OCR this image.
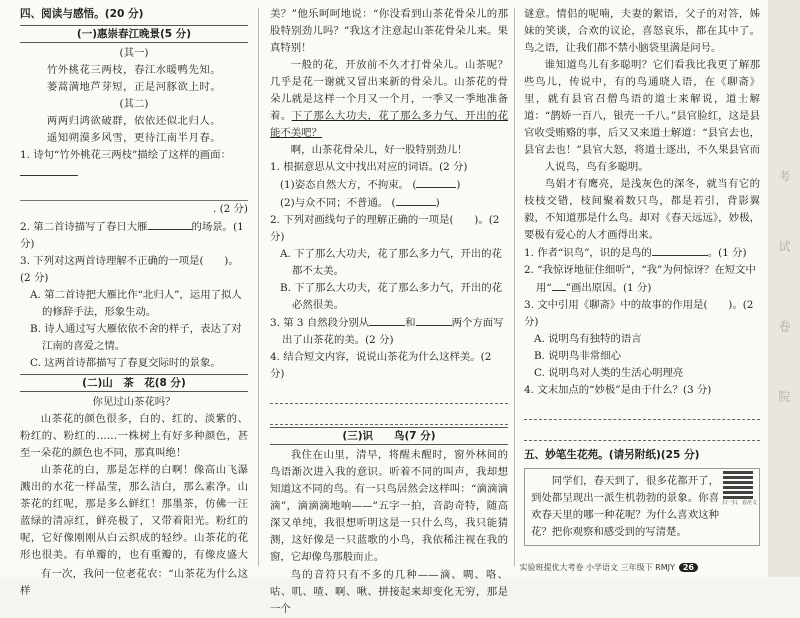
四、阅读与感悟。(20 分)
(一)惠崇春江晚景(5 分)
(其一)
竹外桃花三两枝，春江水暖鸭先知。
蒌蒿满地芦芽短，正是河豚欲上时。
(其二)
两两归鸿欲破群，依依还似北归人。
遥知朔漠多风雪，更待江南半月春。
1. 诗句“竹外桃花三两枝”描绘了这样的画面：
. (2 分)
2. 第二首诗描写了春日大雁	的场景。(1 分)
3. 下列对这两首诗理解不正确的一项是(　　)。(2 分)
A. 第二首诗把大雁比作“北归人”，运用了拟人的修辞手法，形象生动。
B. 诗人通过写大雁依依不舍的样子，表达了对江南的喜爱之情。
C. 这两首诗都描写了春夏交际时的景象。
(二)山　茶　花(8 分)
你见过山茶花吗？
山茶花的颜色很多，白的、红的、淡紫的、粉红的、粉红的……一株树上有好多种颜色，甚至一朵花的颜色也不同，那真叫绝！
山茶花的白，那是怎样的白啊！像高山飞瀑溅出的水花一样晶莹，那么洁白，那么素净。山茶花的红呢，那是多么鲜红！那墨茶，仿佛一汪蓝绿的清凉红，鲜亮极了，又带着阳光。粉红的呢，它好像刚刚从白云织成的轻纱。山茶花的花形也很美。有单瓣的，也有重瓣的，有像皮盛大
有一次，我问一位老花农：“山茶花为什么这样
美？”他乐呵呵地说：“你没看到山茶花骨朵儿的那股特别劲儿吗？”我这才注意起山茶花骨朵儿来。果真特别！
一般的花，开放前不久才打骨朵儿。山茶呢？几乎是花一谢就又冒出来新的骨朵儿。山茶花的骨朵儿就是这样一个月又一个月，一季又一季地准备着。下了那么大功夫，花了那么多力气，开出的花能不美吧？
啊，山茶花骨朵儿，好一股特别劲儿！
1. 根据意思从文中找出对应的词语。(2 分)
(1)姿态自然大方，不拘束。 (	)
(2)与众不同；不普通。 (	)
2. 下列对画线句子的理解正确的一项是(　　)。(2 分)
A. 下了那么大功夫，花了那么多力气，开出的花都不太美。
B. 下了那么大功夫，花了那么多力气，开出的花必然很美。
3. 第 3 自然段分别从	和	两个方面写出了山茶花的美。(2 分)
4. 结合短文内容，说说山茶花为什么这样美。(2 分)
(三)识　　鸟(7 分)
我住在山里，清早，将醒未醒时，窗外林间的鸟语渐次进入我的意识。听着不同的叫声，我却想知道这不同的鸟。有一只鸟居然会这样叫：“滴滴滴滴”，滴滴滴地响——”五字一拍，音韵奇特，随高深又单纯，我很想听明这是一只什么鸟，我只能猜测，这好像是一只蓝歌的小鸟，我依稀注视在我的窗，它却像鸟那般而止。
鸟的音符只有不多的几种——滴、啁、咯、咕、叽、喳、啊、啾、拼接起来却变化无穷，那是一个
谜意。情侣的呢喃，夫妻的絮语，父子的对答，姊妹的笑谈，合欢的议论，喜怒哀乐，都在其中了。鸟之语，让我们都不禁小脑袋里满是问号。
谁知道鸟儿有多聪明？它们看我比我更了解那些鸟儿，传说中，有的鸟通晓人语，在《聊斋》里，就有县官召僧鸟语的道士来解说，道士解道：“鹊娇一百八，银壳一千八。”县官脸红，这是县官收受贿赂的事，后又又来道士解道：“县官去也，县官去也！”县官大怒，将道士逐出，不久果县官而
人说鸟，鸟有多聪明。
鸟娟才有鹰亮，是浅灰色的深冬，就当有它的枝枝交错，枝间聚着数只鸟，都是若引，背影翼毅，不知道那是什么鸟。却对《春天远远》，妙极，要极有爱心的人才画得出来。
1. 作者“识鸟”，识的是鸟的	。(1 分)
2. “我惊讶地征住细听”，“我”为何惊讶？在短文中用“ ”画出原因。(1 分)
3. 文中引用《聊斋》中的故事的作用是(　　)。(2 分)
A. 说明鸟有独特的语言
B. 说明鸟非常细心
C. 说明鸟对人类的生活心明理亮
4. 文末加点的“妙极”是由于什么？(3 分)
五、妙笔生花苑。(请另附纸)(25 分)
同学们，春天到了，很多花都开了，到处都呈现出一派生机勃勃的景象。你喜欢春天里的哪一种花呢？为什么喜欢这种花？把你观察和感受到的写清楚。
扫一扫，看范文
实验班提优大考卷 小学语文 三年级下 RMJY 26
考
试
卷
院
